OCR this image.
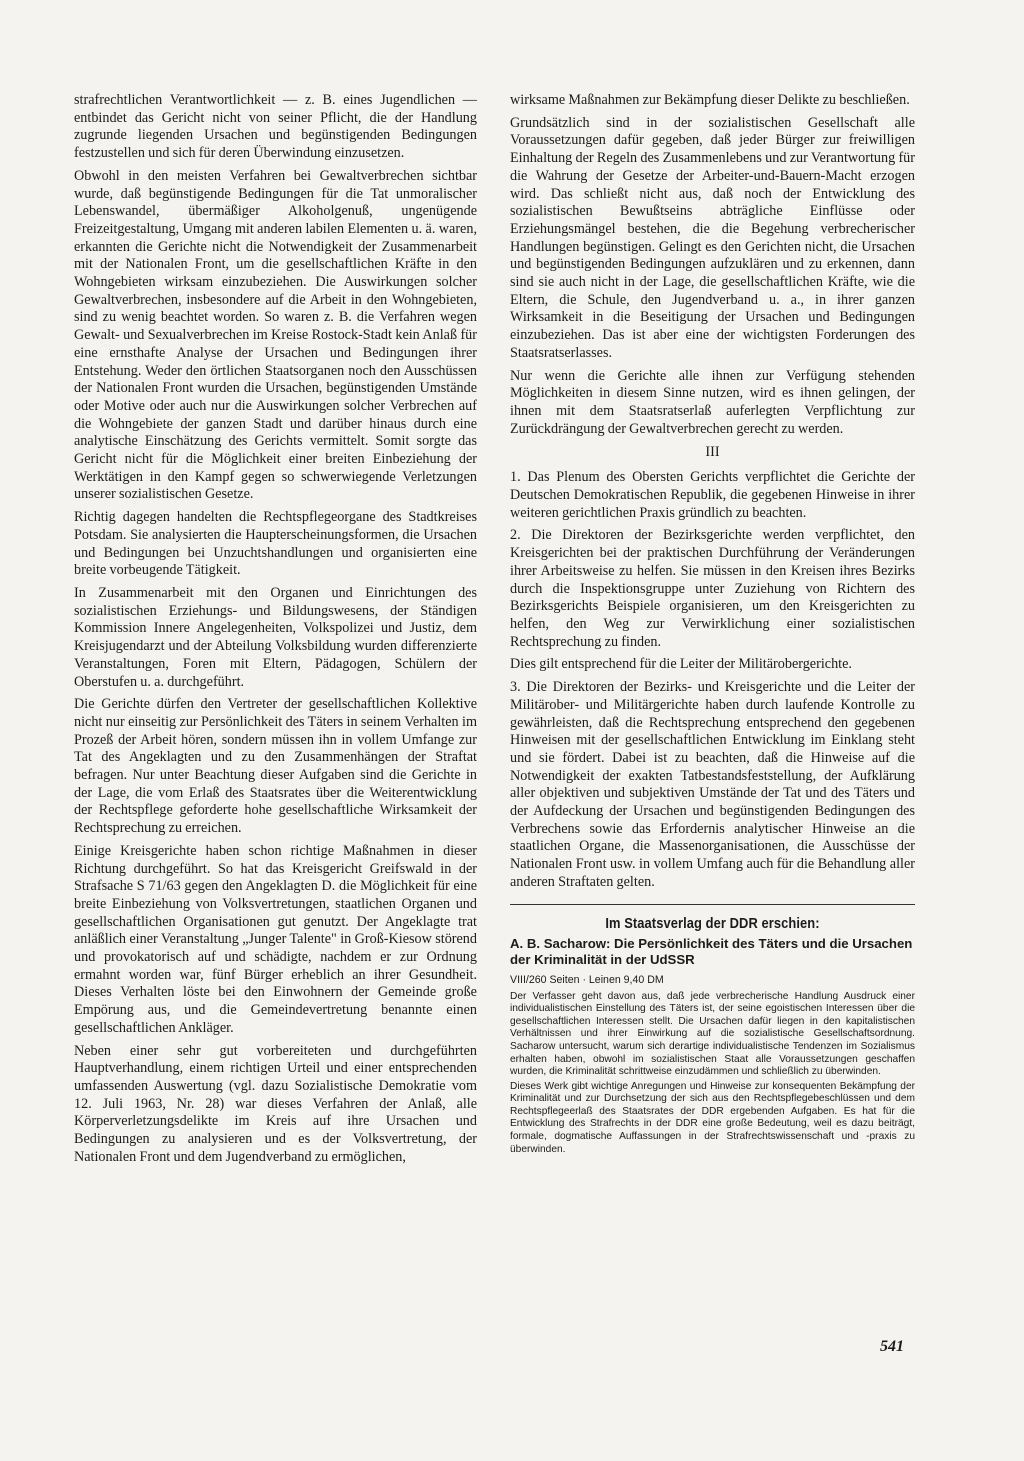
strafrechtlichen Verantwortlichkeit — z. B. eines Jugendlichen — entbindet das Gericht nicht von seiner Pflicht, die der Handlung zugrunde liegenden Ursachen und begünstigenden Bedingungen festzustellen und sich für deren Überwindung einzusetzen.

Obwohl in den meisten Verfahren bei Gewaltverbrechen sichtbar wurde, daß begünstigende Bedingungen für die Tat unmoralischer Lebenswandel, übermäßiger Alkoholgenuß, ungenügende Freizeitgestaltung, Umgang mit anderen labilen Elementen u. ä. waren, erkannten die Gerichte nicht die Notwendigkeit der Zusammenarbeit mit der Nationalen Front, um die gesellschaftlichen Kräfte in den Wohngebieten wirksam einzubeziehen. Die Auswirkungen solcher Gewaltverbrechen, insbesondere auf die Arbeit in den Wohngebieten, sind zu wenig beachtet worden. So waren z. B. die Verfahren wegen Gewalt- und Sexualverbrechen im Kreise Rostock-Stadt kein Anlaß für eine ernsthafte Analyse der Ursachen und Bedingungen ihrer Entstehung. Weder den örtlichen Staatsorganen noch den Ausschüssen der Nationalen Front wurden die Ursachen, begünstigenden Umstände oder Motive oder auch nur die Auswirkungen solcher Verbrechen auf die Wohngebiete der ganzen Stadt und darüber hinaus durch eine analytische Einschätzung des Gerichts vermittelt. Somit sorgte das Gericht nicht für die Möglichkeit einer breiten Einbeziehung der Werktätigen in den Kampf gegen so schwerwiegende Verletzungen unserer sozialistischen Gesetze.

Richtig dagegen handelten die Rechtspflegeorgane des Stadtkreises Potsdam. Sie analysierten die Haupterscheinungsformen, die Ursachen und Bedingungen bei Unzuchtshandlungen und organisierten eine breite vorbeugende Tätigkeit.

In Zusammenarbeit mit den Organen und Einrichtungen des sozialistischen Erziehungs- und Bildungswesens, der Ständigen Kommission Innere Angelegenheiten, Volkspolizei und Justiz, dem Kreisjugendarzt und der Abteilung Volksbildung wurden differenzierte Veranstaltungen, Foren mit Eltern, Pädagogen, Schülern der Oberstufen u. a. durchgeführt.

Die Gerichte dürfen den Vertreter der gesellschaftlichen Kollektive nicht nur einseitig zur Persönlichkeit des Täters in seinem Verhalten im Prozeß der Arbeit hören, sondern müssen ihn in vollem Umfange zur Tat des Angeklagten und zu den Zusammenhängen der Straftat befragen. Nur unter Beachtung dieser Aufgaben sind die Gerichte in der Lage, die vom Erlaß des Staatsrates über die Weiterentwicklung der Rechtspflege geforderte hohe gesellschaftliche Wirksamkeit der Rechtsprechung zu erreichen.

Einige Kreisgerichte haben schon richtige Maßnahmen in dieser Richtung durchgeführt. So hat das Kreisgericht Greifswald in der Strafsache S 71/63 gegen den Angeklagten D. die Möglichkeit für eine breite Einbeziehung von Volksvertretungen, staatlichen Organen und gesellschaftlichen Organisationen gut genutzt. Der Angeklagte trat anläßlich einer Veranstaltung „Junger Talente" in Groß-Kiesow störend und provokatorisch auf und schädigte, nachdem er zur Ordnung ermahnt worden war, fünf Bürger erheblich an ihrer Gesundheit. Dieses Verhalten löste bei den Einwohnern der Gemeinde große Empörung aus, und die Gemeindevertretung benannte einen gesellschaftlichen Ankläger.

Neben einer sehr gut vorbereiteten und durchgeführten Hauptverhandlung, einem richtigen Urteil und einer entsprechenden umfassenden Auswertung (vgl. dazu Sozialistische Demokratie vom 12. Juli 1963, Nr. 28) war dieses Verfahren der Anlaß, alle Körperverletzungsdelikte im Kreis auf ihre Ursachen und Bedingungen zu analysieren und es der Volksvertretung, der Nationalen Front und dem Jugendverband zu ermöglichen,

wirksame Maßnahmen zur Bekämpfung dieser Delikte zu beschließen.

Grundsätzlich sind in der sozialistischen Gesellschaft alle Voraussetzungen dafür gegeben, daß jeder Bürger zur freiwilligen Einhaltung der Regeln des Zusammenlebens und zur Verantwortung für die Wahrung der Gesetze der Arbeiter-und-Bauern-Macht erzogen wird. Das schließt nicht aus, daß noch der Entwicklung des sozialistischen Bewußtseins abträgliche Einflüsse oder Erziehungsmängel bestehen, die die Begehung verbrecherischer Handlungen begünstigen. Gelingt es den Gerichten nicht, die Ursachen und begünstigenden Bedingungen aufzuklären und zu erkennen, dann sind sie auch nicht in der Lage, die gesellschaftlichen Kräfte, wie die Eltern, die Schule, den Jugendverband u. a., in ihrer ganzen Wirksamkeit in die Beseitigung der Ursachen und Bedingungen einzubeziehen. Das ist aber eine der wichtigsten Forderungen des Staatsratserlasses.

Nur wenn die Gerichte alle ihnen zur Verfügung stehenden Möglichkeiten in diesem Sinne nutzen, wird es ihnen gelingen, der ihnen mit dem Staatsratserlaß auferlegten Verpflichtung zur Zurückdrängung der Gewaltverbrechen gerecht zu werden.

III

1. Das Plenum des Obersten Gerichts verpflichtet die Gerichte der Deutschen Demokratischen Republik, die gegebenen Hinweise in ihrer weiteren gerichtlichen Praxis gründlich zu beachten.

2. Die Direktoren der Bezirksgerichte werden verpflichtet, den Kreisgerichten bei der praktischen Durchführung der Veränderungen ihrer Arbeitsweise zu helfen. Sie müssen in den Kreisen ihres Bezirks durch die Inspektionsgruppe unter Zuziehung von Richtern des Bezirksgerichts Beispiele organisieren, um den Kreisgerichten zu helfen, den Weg zur Verwirklichung einer sozialistischen Rechtsprechung zu finden.

Dies gilt entsprechend für die Leiter der Militärobergerichte.

3. Die Direktoren der Bezirks- und Kreisgerichte und die Leiter der Militärober- und Militärgerichte haben durch laufende Kontrolle zu gewährleisten, daß die Rechtsprechung entsprechend den gegebenen Hinweisen mit der gesellschaftlichen Entwicklung im Einklang steht und sie fördert. Dabei ist zu beachten, daß die Hinweise auf die Notwendigkeit der exakten Tatbestandsfeststellung, der Aufklärung aller objektiven und subjektiven Umstände der Tat und des Täters und der Aufdeckung der Ursachen und begünstigenden Bedingungen des Verbrechens sowie das Erfordernis analytischer Hinweise an die staatlichen Organe, die Massenorganisationen, die Ausschüsse der Nationalen Front usw. in vollem Umfang auch für die Behandlung aller anderen Straftaten gelten.

Im Staatsverlag der DDR erschien:
A. B. Sacharow: Die Persönlichkeit des Täters und die Ursachen der Kriminalität in der UdSSR
VIII/260 Seiten · Leinen 9,40 DM

Der Verfasser geht davon aus, daß jede verbrecherische Handlung Ausdruck einer individualistischen Einstellung des Täters ist, der seine egoistischen Interessen über die gesellschaftlichen Interessen stellt. Die Ursachen dafür liegen in den kapitalistischen Verhältnissen und ihrer Einwirkung auf die sozialistische Gesellschaftsordnung. Sacharow untersucht, warum sich derartige individualistische Tendenzen im Sozialismus erhalten haben, obwohl im sozialistischen Staat alle Voraussetzungen geschaffen wurden, die Kriminalität schrittweise einzudämmen und schließlich zu überwinden.

Dieses Werk gibt wichtige Anregungen und Hinweise zur konsequenten Bekämpfung der Kriminalität und zur Durchsetzung der sich aus den Rechtspflegebeschlüssen und dem Rechtspflegeerlaß des Staatsrates der DDR ergebenden Aufgaben. Es hat für die Entwicklung des Strafrechts in der DDR eine große Bedeutung, weil es dazu beiträgt, formale, dogmatische Auffassungen in der Strafrechtswissenschaft und -praxis zu überwinden.

541
